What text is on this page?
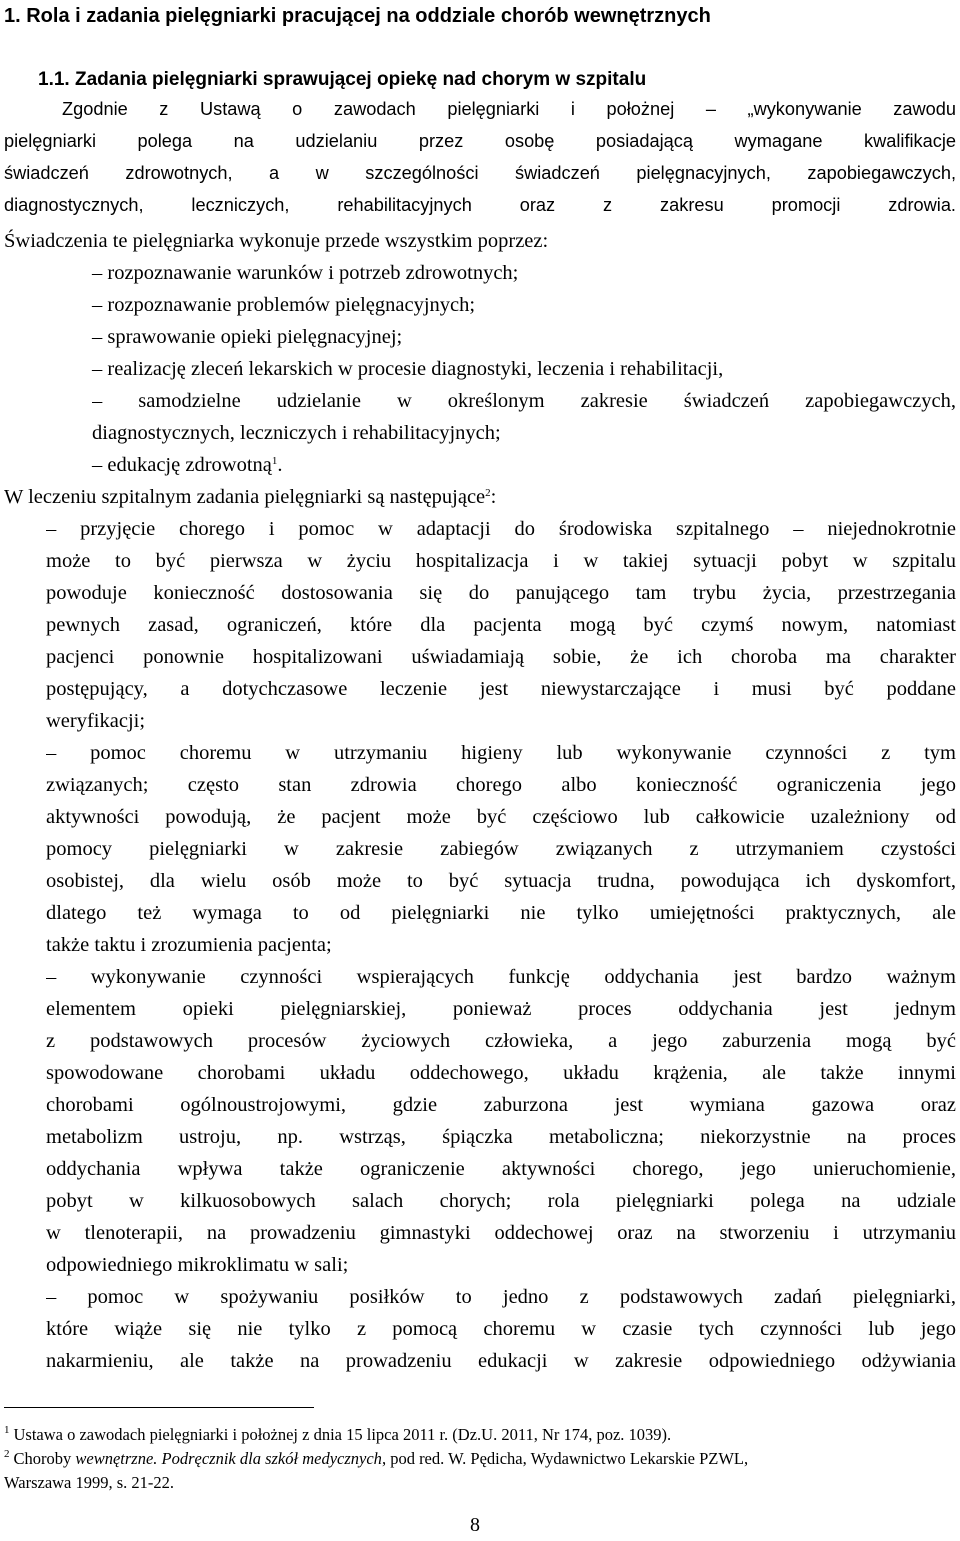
1. Rola i zadania pielęgniarki pracującej na oddziale chorób wewnętrznych
1.1. Zadania pielęgniarki sprawującej opiekę nad chorym w szpitalu
Zgodnie z Ustawą o zawodach pielęgniarki i położnej – „wykonywanie zawodu
pielęgniarki polega na udzielaniu przez osobę posiadającą wymagane kwalifikacje
świadczeń zdrowotnych, a w szczególności świadczeń pielęgnacyjnych, zapobiegawczych,
diagnostycznych, leczniczych, rehabilitacyjnych oraz z zakresu promocji zdrowia.
Świadczenia te pielęgniarka wykonuje przede wszystkim poprzez:
– rozpoznawanie warunków i potrzeb zdrowotnych;
– rozpoznawanie problemów pielęgnacyjnych;
– sprawowanie opieki pielęgnacyjnej;
– realizację zleceń lekarskich w procesie diagnostyki, leczenia i rehabilitacji,
– samodzielne udzielanie w określonym zakresie świadczeń zapobiegawczych,
diagnostycznych, leczniczych i rehabilitacyjnych;
– edukację zdrowotną$^1$.
W leczeniu szpitalnym zadania pielęgniarki są następujące$^2$:
– przyjęcie chorego i pomoc w adaptacji do środowiska szpitalnego – niejednokrotnie
może to być pierwsza w życiu hospitalizacja i w takiej sytuacji pobyt w szpitalu
powoduje konieczność dostosowania się do panującego tam trybu życia, przestrzegania
pewnych zasad, ograniczeń, które dla pacjenta mogą być czymś nowym, natomiast
pacjenci ponownie hospitalizowani uświadamiają sobie, że ich choroba ma charakter
postępujący, a dotychczasowe leczenie jest niewystarczające i musi być poddane
weryfikacji;
– pomoc choremu w utrzymaniu higieny lub wykonywanie czynności z tym
związanych; często stan zdrowia chorego albo konieczność ograniczenia jego
aktywności powodują, że pacjent może być częściowo lub całkowicie uzależniony od
pomocy pielęgniarki w zakresie zabiegów związanych z utrzymaniem czystości
osobistej, dla wielu osób może to być sytuacja trudna, powodująca ich dyskomfort,
dlatego też wymaga to od pielęgniarki nie tylko umiejętności praktycznych, ale
także taktu i zrozumienia pacjenta;
– wykonywanie czynności wspierających funkcję oddychania jest bardzo ważnym
elementem opieki pielęgniarskiej, ponieważ proces oddychania jest jednym
z podstawowych procesów życiowych człowieka, a jego zaburzenia mogą być
spowodowane chorobami układu oddechowego, układu krążenia, ale także innymi
chorobami ogólnoustrojowymi, gdzie zaburzona jest wymiana gazowa oraz
metabolizm ustroju, np. wstrząs, śpiączka metaboliczna; niekorzystnie na proces
oddychania wpływa także ograniczenie aktywności chorego, jego unieruchomienie,
pobyt w kilkuosobowych salach chorych; rola pielęgniarki polega na udziale
w tlenoterapii, na prowadzeniu gimnastyki oddechowej oraz na stworzeniu i utrzymaniu
odpowiedniego mikroklimatu w sali;
– pomoc w spożywaniu posiłków to jedno z podstawowych zadań pielęgniarki,
które wiąże się nie tylko z pomocą choremu w czasie tych czynności lub jego
nakarmieniu, ale także na prowadzeniu edukacji w zakresie odpowiedniego odżywiania
$^1$ Ustawa o zawodach pielęgniarki i położnej z dnia 15 lipca 2011 r. (Dz.U. 2011, Nr 174, poz. 1039).
$^2$ Choroby wewnętrzne. Podręcznik dla szkół medycznych, pod red. W. Pędicha, Wydawnictwo Lekarskie PZWL,
Warszawa 1999, s. 21-22.
8
